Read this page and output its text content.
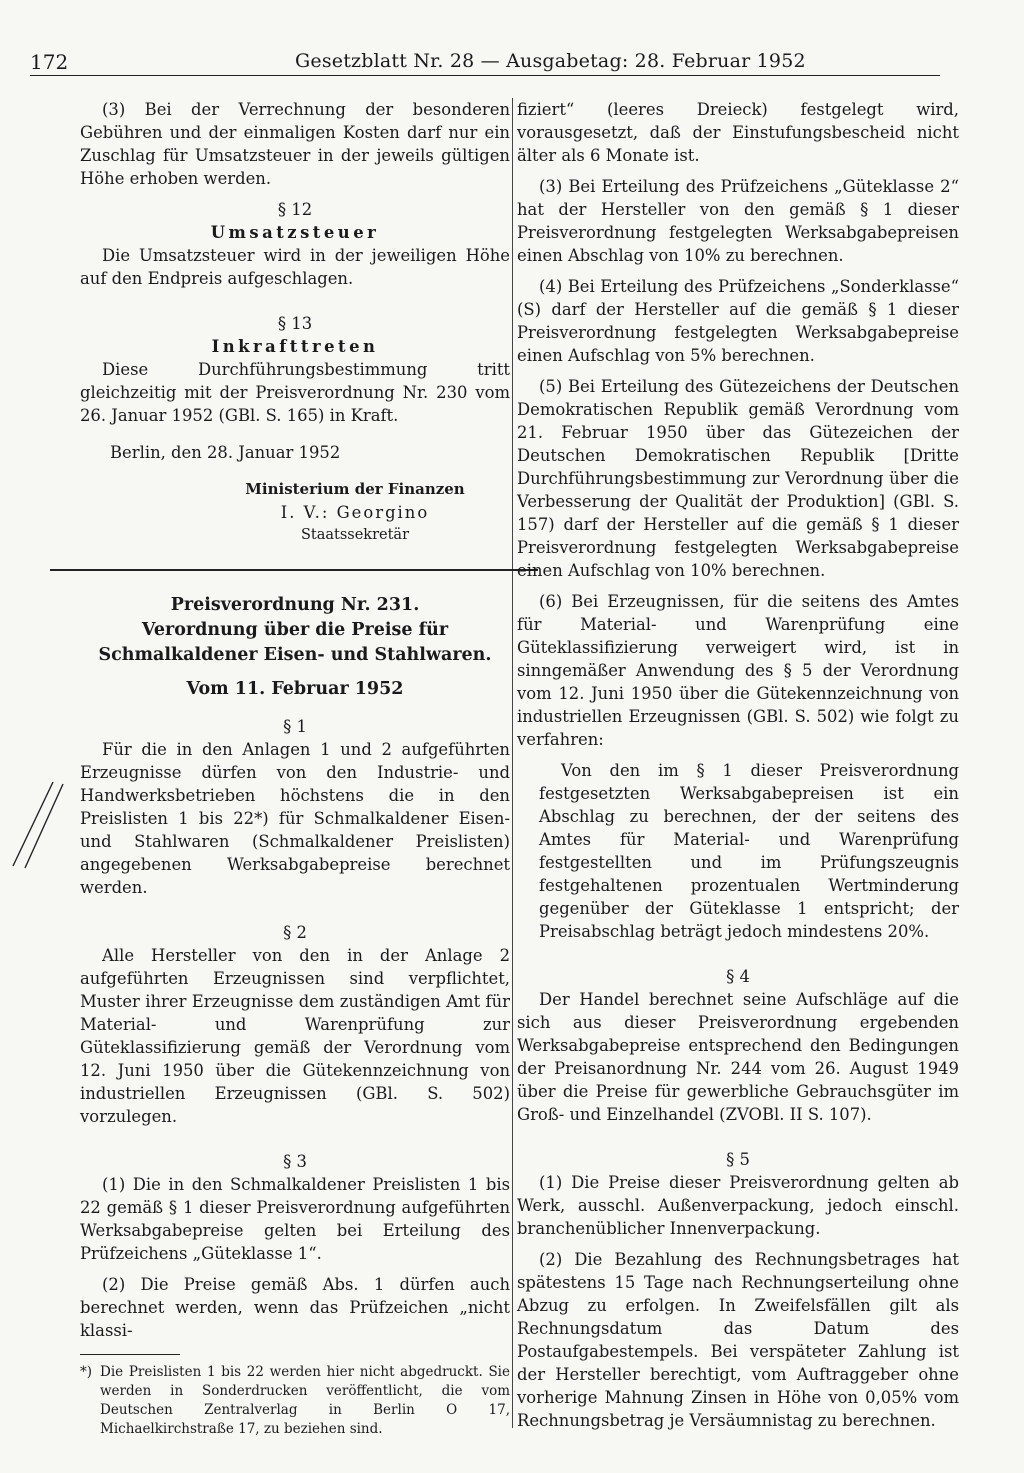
172	Gesetzblatt Nr. 28 — Ausgabetag: 28. Februar 1952

(3) Bei der Verrechnung der besonderen Gebühren und der einmaligen Kosten darf nur ein Zuschlag für Umsatzsteuer in der jeweils gültigen Höhe erhoben werden.

§ 12

Umsatzsteuer

Die Umsatzsteuer wird in der jeweiligen Höhe auf den Endpreis aufgeschlagen.

§ 13

Inkrafttreten

Diese Durchführungsbestimmung tritt gleichzeitig mit der Preisverordnung Nr. 230 vom 26. Januar 1952 (GBl. S. 165) in Kraft.

Berlin, den 28. Januar 1952

Ministerium der Finanzen

I. V.: Georgino

Staatssekretär

Preisverordnung Nr. 231.

Verordnung über die Preise für Schmalkaldener Eisen- und Stahlwaren.

Vom 11. Februar 1952

§ 1

Für die in den Anlagen 1 und 2 aufgeführten Erzeugnisse dürfen von den Industrie- und Handwerksbetrieben höchstens die in den Preislisten 1 bis 22*) für Schmalkaldener Eisen- und Stahlwaren (Schmalkaldener Preislisten) angegebenen Werksabgabepreise berechnet werden.

§ 2

Alle Hersteller von den in der Anlage 2 aufgeführten Erzeugnissen sind verpflichtet, Muster ihrer Erzeugnisse dem zuständigen Amt für Material- und Warenprüfung zur Güteklassifizierung gemäß der Verordnung vom 12. Juni 1950 über die Gütekennzeichnung von industriellen Erzeugnissen (GBl. S. 502) vorzulegen.

§ 3

(1) Die in den Schmalkaldener Preislisten 1 bis 22 gemäß § 1 dieser Preisverordnung aufgeführten Werksabgabepreise gelten bei Erteilung des Prüfzeichens „Güteklasse 1“.

(2) Die Preise gemäß Abs. 1 dürfen auch berechnet werden, wenn das Prüfzeichen „nicht klassi-

*) Die Preislisten 1 bis 22 werden hier nicht abgedruckt. Sie werden in Sonderdrucken veröffentlicht, die vom Deutschen Zentralverlag in Berlin O 17, Michaelkirchstraße 17, zu beziehen sind.

fiziert“ (leeres Dreieck) festgelegt wird, vorausgesetzt, daß der Einstufungsbescheid nicht älter als 6 Monate ist.

(3) Bei Erteilung des Prüfzeichens „Güteklasse 2“ hat der Hersteller von den gemäß § 1 dieser Preisverordnung festgelegten Werksabgabepreisen einen Abschlag von 10% zu berechnen.

(4) Bei Erteilung des Prüfzeichens „Sonderklasse“ (S) darf der Hersteller auf die gemäß § 1 dieser Preisverordnung festgelegten Werksabgabepreise einen Aufschlag von 5% berechnen.

(5) Bei Erteilung des Gütezeichens der Deutschen Demokratischen Republik gemäß Verordnung vom 21. Februar 1950 über das Gütezeichen der Deutschen Demokratischen Republik [Dritte Durchführungsbestimmung zur Verordnung über die Verbesserung der Qualität der Produktion] (GBl. S. 157) darf der Hersteller auf die gemäß § 1 dieser Preisverordnung festgelegten Werksabgabepreise einen Aufschlag von 10% berechnen.

(6) Bei Erzeugnissen, für die seitens des Amtes für Material- und Warenprüfung eine Güteklassifizierung verweigert wird, ist in sinngemäßer Anwendung des § 5 der Verordnung vom 12. Juni 1950 über die Gütekennzeichnung von industriellen Erzeugnissen (GBl. S. 502) wie folgt zu verfahren:

Von den im § 1 dieser Preisverordnung festgesetzten Werksabgabepreisen ist ein Abschlag zu berechnen, der der seitens des Amtes für Material- und Warenprüfung festgestellten und im Prüfungszeugnis festgehaltenen prozentualen Wertminderung gegenüber der Güteklasse 1 entspricht; der Preisabschlag beträgt jedoch mindestens 20%.

§ 4

Der Handel berechnet seine Aufschläge auf die sich aus dieser Preisverordnung ergebenden Werksabgabepreise entsprechend den Bedingungen der Preisanordnung Nr. 244 vom 26. August 1949 über die Preise für gewerbliche Gebrauchsgüter im Groß- und Einzelhandel (ZVOBl. II S. 107).

§ 5

(1) Die Preise dieser Preisverordnung gelten ab Werk, ausschl. Außenverpackung, jedoch einschl. branchenüblicher Innenverpackung.

(2) Die Bezahlung des Rechnungsbetrages hat spätestens 15 Tage nach Rechnungserteilung ohne Abzug zu erfolgen. In Zweifelsfällen gilt als Rechnungsdatum das Datum des Postaufgabestempels. Bei verspäteter Zahlung ist der Hersteller berechtigt, vom Auftraggeber ohne vorherige Mahnung Zinsen in Höhe von 0,05% vom Rechnungsbetrag je Versäumnistag zu berechnen.
